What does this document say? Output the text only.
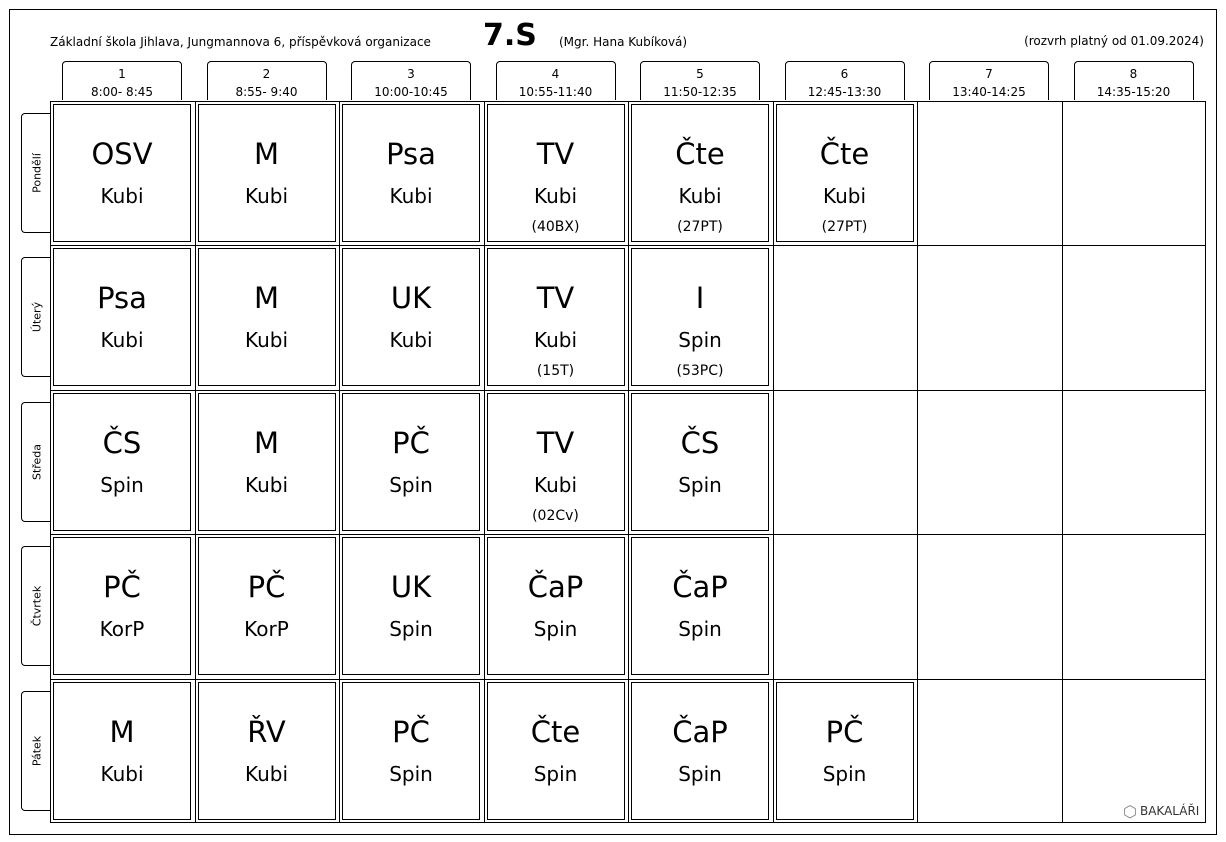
Základní škola Jihlava, Jungmannova 6, příspěvková organizace 7.S (Mgr. Hana Kubíková)	(rozvrh platný od 01.09.2024)
1
8:00- 8:45
2
8:55- 9:40
3
10:00-10:45
4
10:55-11:40
5
11:50-12:35
6
12:45-13:30
7
13:40-14:25
8
14:35-15:20
Pondělí
Úterý
Středa
Čtvrtek
Pátek
OSV
Kubi
M
Kubi
Psa
Kubi
TV
Kubi
(40BX)
Čte
Kubi
(27PT)
Čte
Kubi
(27PT)
Psa
Kubi
M
Kubi
UK
Kubi
TV
Kubi
(15T)
I
Spin
(53PC)
ČS
Spin
M
Kubi
PČ
Spin
TV
Kubi
(02Cv)
ČS
Spin
PČ
KorP
PČ
KorP
UK
Spin
ČaP
Spin
ČaP
Spin
M
Kubi
ŘV
Kubi
PČ
Spin
Čte
Spin
ČaP
Spin
PČ
Spin
⬡ BAKALÁŘI
